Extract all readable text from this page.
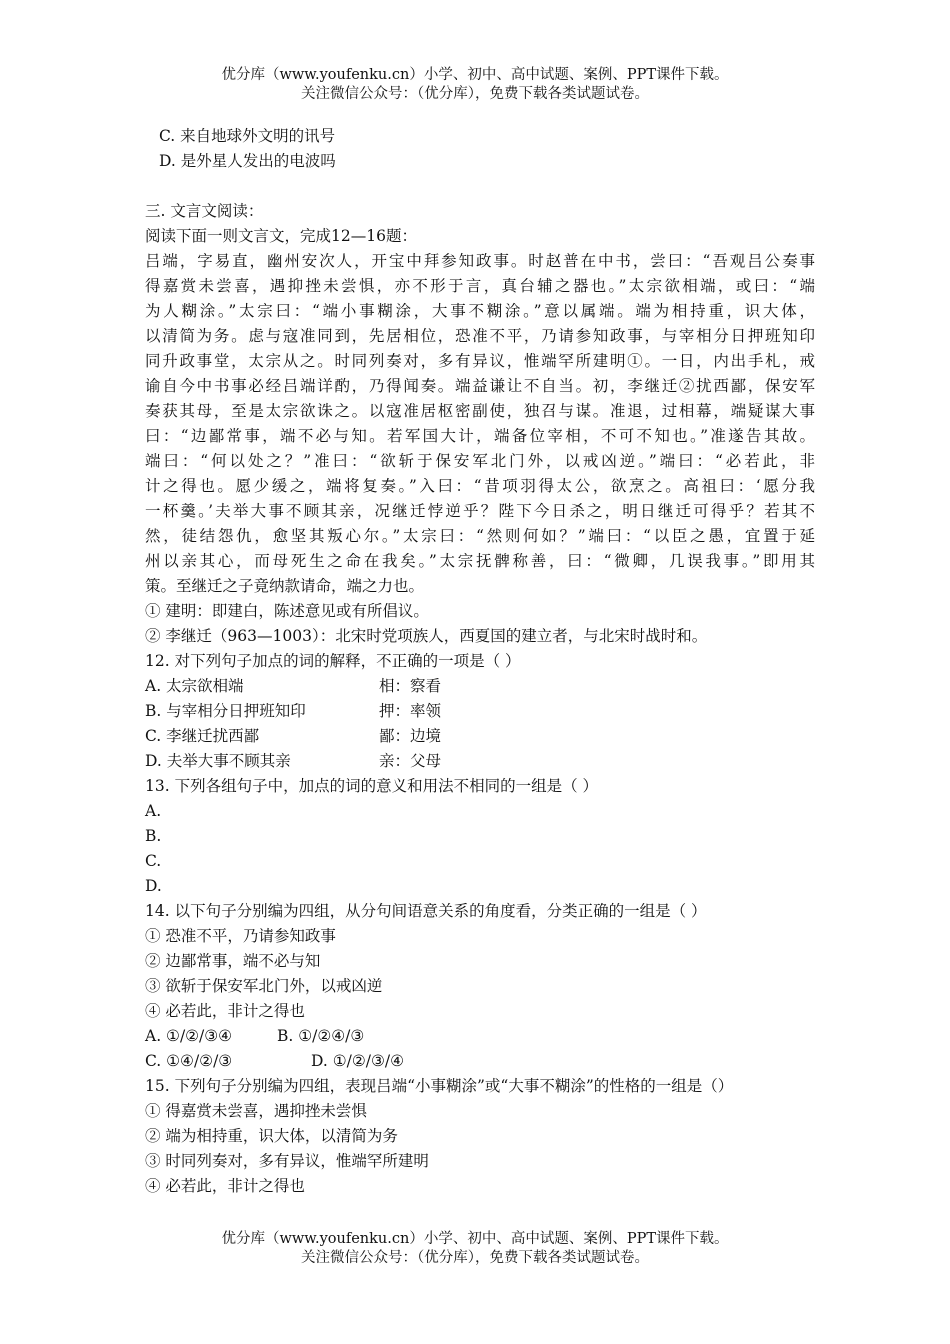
优分库（www.youfenku.cn）小学、初中、高中试题、案例、PPT课件下载。
关注微信公众号：（优分库），免费下载各类试题试卷。
C. 来自地球外文明的讯号
D. 是外星人发出的电波吗
三. 文言文阅读：
阅读下面一则文言文，完成12—16题：
吕端，字易直，幽州安次人，开宝中拜参知政事。时赵普在中书，尝曰：“吾观吕公奏事
得嘉赏未尝喜，遇抑挫未尝惧，亦不形于言，真台辅之器也。”太宗欲相端，或曰：“端
为人糊涂。”太宗曰：“端小事糊涂，大事不糊涂。”意以属端。端为相持重，识大体，
以清简为务。虑与寇准同到，先居相位，恐准不平，乃请参知政事，与宰相分日押班知印
同升政事堂，太宗从之。时同列奏对，多有异议，惟端罕所建明①。一日，内出手札，戒
谕自今中书事必经吕端详酌，乃得闻奏。端益谦让不自当。初，李继迁②扰西鄙，保安军
奏获其母，至是太宗欲诛之。以寇准居枢密副使，独召与谋。准退，过相幕，端疑谋大事
曰：“边鄙常事，端不必与知。若军国大计，端备位宰相，不可不知也。”准遂告其故。
端曰：“何以处之？”准曰：“欲斩于保安军北门外，以戒凶逆。”端曰：“必若此，非
计之得也。愿少缓之，端将复奏。”入曰：“昔项羽得太公，欲烹之。高祖曰：‘愿分我
一杯羹。’夫举大事不顾其亲，况继迁悖逆乎？陛下今日杀之，明日继迁可得乎？若其不
然，徒结怨仇，愈坚其叛心尔。”太宗曰：“然则何如？”端曰：“以臣之愚，宜置于延
州以亲其心，而母死生之命在我矣。”太宗抚髀称善，曰：“微卿，几误我事。”即用其
策。至继迁之子竟纳款请命，端之力也。
① 建明：即建白，陈述意见或有所倡议。
② 李继迁（963—1003）：北宋时党项族人，西夏国的建立者，与北宋时战时和。
12. 对下列句子加点的词的解释，不正确的一项是（ ）
A. 太宗欲相端	相：察看
B. 与宰相分日押班知印	押：率领
C. 李继迁扰西鄙	鄙：边境
D. 夫举大事不顾其亲	亲：父母
13. 下列各组句子中，加点的词的意义和用法不相同的一组是（ ）
A.
B.
C.
D.
14. 以下句子分别编为四组，从分句间语意关系的角度看，分类正确的一组是（ ）
① 恐准不平，乃请参知政事
② 边鄙常事，端不必与知
③ 欲斩于保安军北门外，以戒凶逆
④ 必若此，非计之得也
A. ①/②/③④	B. ①/②④/③
C. ①④/②/③	D. ①/②/③/④
15. 下列句子分别编为四组，表现吕端“小事糊涂”或“大事不糊涂”的性格的一组是（）
① 得嘉赏未尝喜，遇抑挫未尝惧
② 端为相持重，识大体，以清简为务
③ 时同列奏对，多有异议，惟端罕所建明
④ 必若此，非计之得也
优分库（www.youfenku.cn）小学、初中、高中试题、案例、PPT课件下载。
关注微信公众号：（优分库），免费下载各类试题试卷。
